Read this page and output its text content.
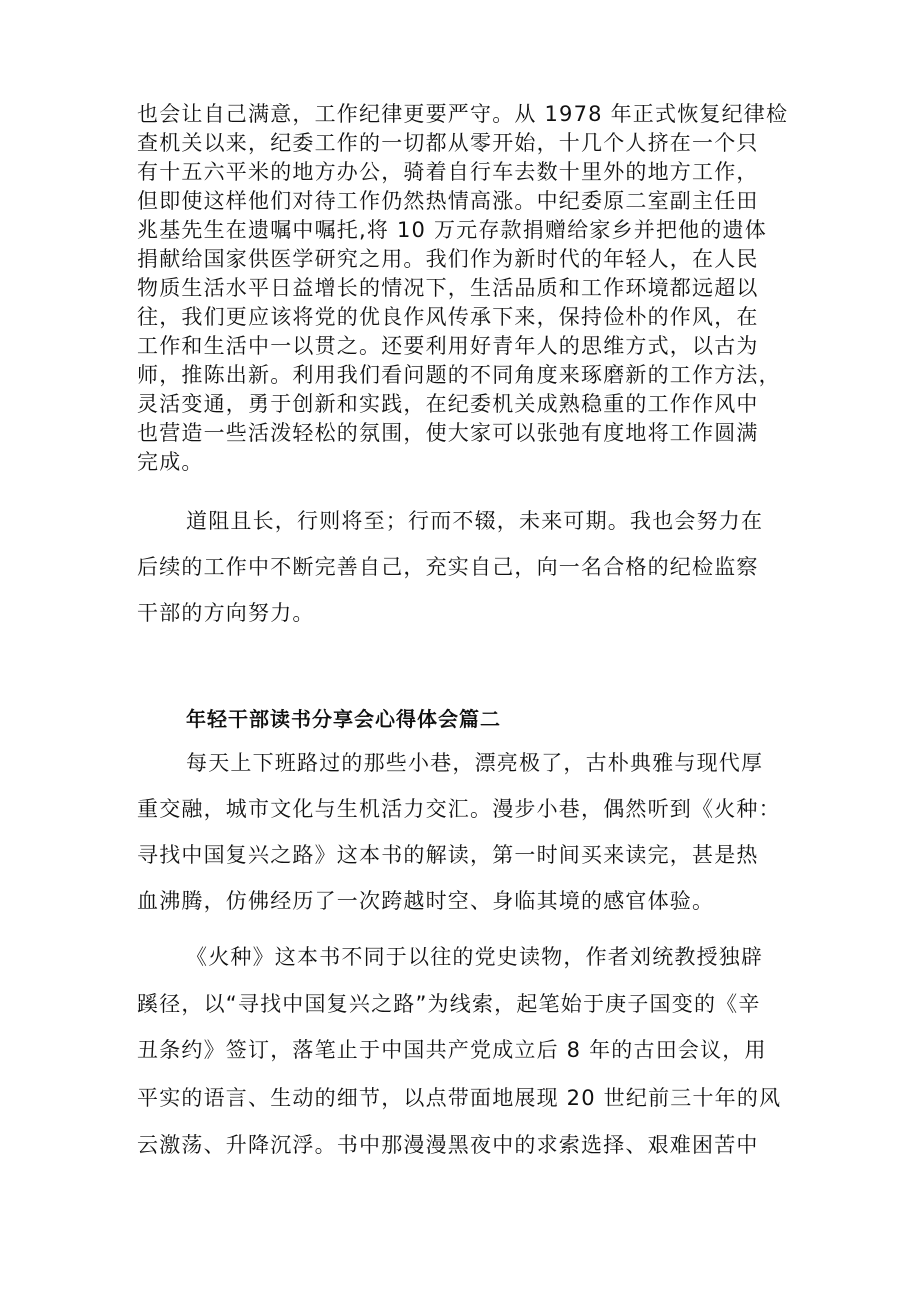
也会让自己满意，工作纪律更要严守。从 1978 年正式恢复纪律检
查机关以来，纪委工作的一切都从零开始，十几个人挤在一个只
有十五六平米的地方办公，骑着自行车去数十里外的地方工作，
但即使这样他们对待工作仍然热情高涨。中纪委原二室副主任田
兆基先生在遗嘱中嘱托,将 10 万元存款捐赠给家乡并把他的遗体
捐献给国家供医学研究之用。我们作为新时代的年轻人，在人民
物质生活水平日益增长的情况下，生活品质和工作环境都远超以
往，我们更应该将党的优良作风传承下来，保持俭朴的作风，在
工作和生活中一以贯之。还要利用好青年人的思维方式，以古为
师，推陈出新。利用我们看问题的不同角度来琢磨新的工作方法，
灵活变通，勇于创新和实践，在纪委机关成熟稳重的工作作风中
也营造一些活泼轻松的氛围，使大家可以张弛有度地将工作圆满
完成。
道阻且长，行则将至；行而不辍，未来可期。我也会努力在
后续的工作中不断完善自己，充实自己，向一名合格的纪检监察
干部的方向努力。
年轻干部读书分享会心得体会篇二
每天上下班路过的那些小巷，漂亮极了，古朴典雅与现代厚
重交融，城市文化与生机活力交汇。漫步小巷，偶然听到《火种：
寻找中国复兴之路》这本书的解读，第一时间买来读完，甚是热
血沸腾，仿佛经历了一次跨越时空、身临其境的感官体验。
《火种》这本书不同于以往的党史读物，作者刘统教授独辟
蹊径，以“寻找中国复兴之路”为线索，起笔始于庚子国变的《辛
丑条约》签订，落笔止于中国共产党成立后 8 年的古田会议，用
平实的语言、生动的细节，以点带面地展现 20 世纪前三十年的风
云激荡、升降沉浮。书中那漫漫黑夜中的求索选择、艰难困苦中
